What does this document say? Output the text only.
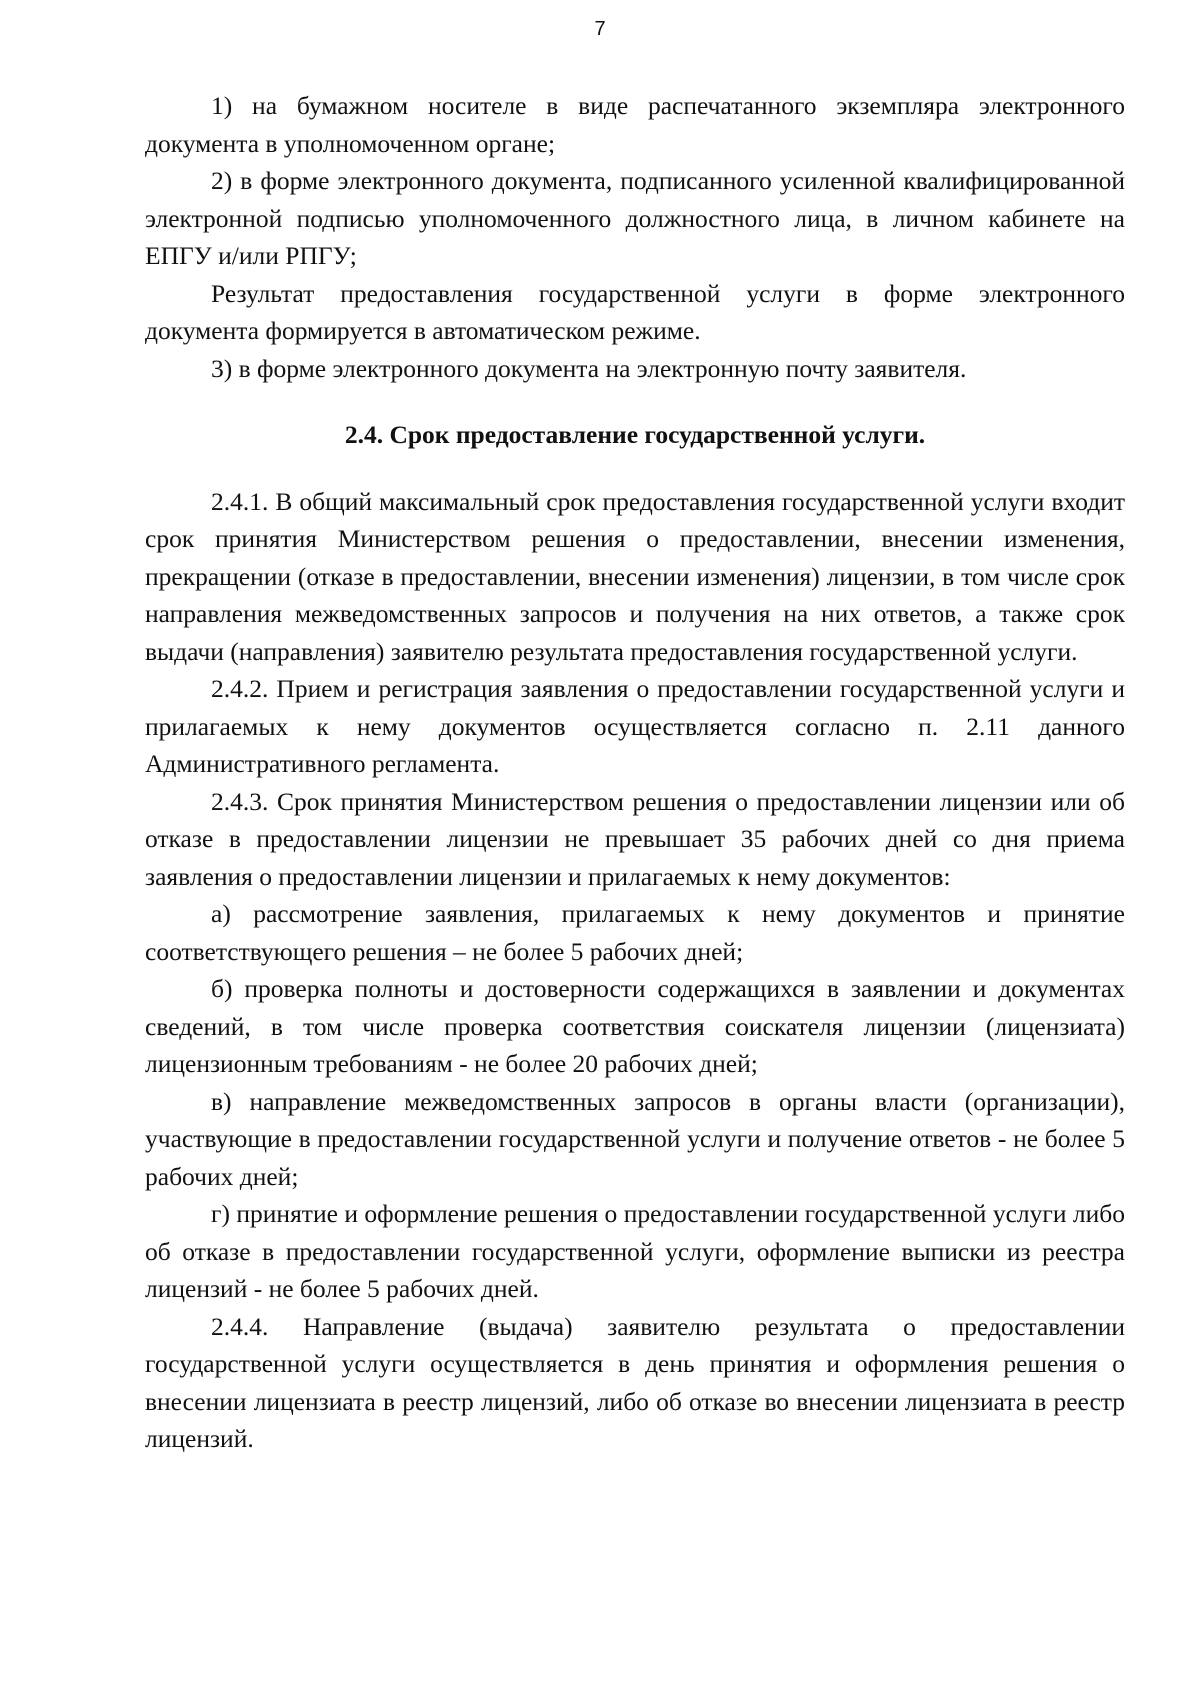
7

1) на бумажном носителе в виде распечатанного экземпляра электронного документа в уполномоченном органе;

2) в форме электронного документа, подписанного усиленной квалифицированной электронной подписью уполномоченного должностного лица, в личном кабинете на ЕПГУ и/или РПГУ;

Результат предоставления государственной услуги в форме электронного документа формируется в автоматическом режиме.

3) в форме электронного документа на электронную почту заявителя.

2.4. Срок предоставление государственной услуги.

2.4.1. В общий максимальный срок предоставления государственной услуги входит срок принятия Министерством решения о предоставлении, внесении изменения, прекращении (отказе в предоставлении, внесении изменения) лицензии, в том числе срок направления межведомственных запросов и получения на них ответов, а также срок выдачи (направления) заявителю результата предоставления государственной услуги.

2.4.2. Прием и регистрация заявления о предоставлении государственной услуги и прилагаемых к нему документов осуществляется согласно п. 2.11 данного Административного регламента.

2.4.3. Срок принятия Министерством решения о предоставлении лицензии или об отказе в предоставлении лицензии не превышает 35 рабочих дней со дня приема заявления о предоставлении лицензии и прилагаемых к нему документов:

а) рассмотрение заявления, прилагаемых к нему документов и принятие соответствующего решения – не более 5 рабочих дней;

б) проверка полноты и достоверности содержащихся в заявлении и документах сведений, в том числе проверка соответствия соискателя лицензии (лицензиата) лицензионным требованиям - не более 20 рабочих дней;

в) направление межведомственных запросов в органы власти (организации), участвующие в предоставлении государственной услуги и получение ответов - не более 5 рабочих дней;

г) принятие и оформление решения о предоставлении государственной услуги либо об отказе в предоставлении государственной услуги, оформление выписки из реестра лицензий - не более 5 рабочих дней.

2.4.4. Направление (выдача) заявителю результата о предоставлении государственной услуги осуществляется в день принятия и оформления решения о внесении лицензиата в реестр лицензий, либо об отказе во внесении лицензиата в реестр лицензий.
